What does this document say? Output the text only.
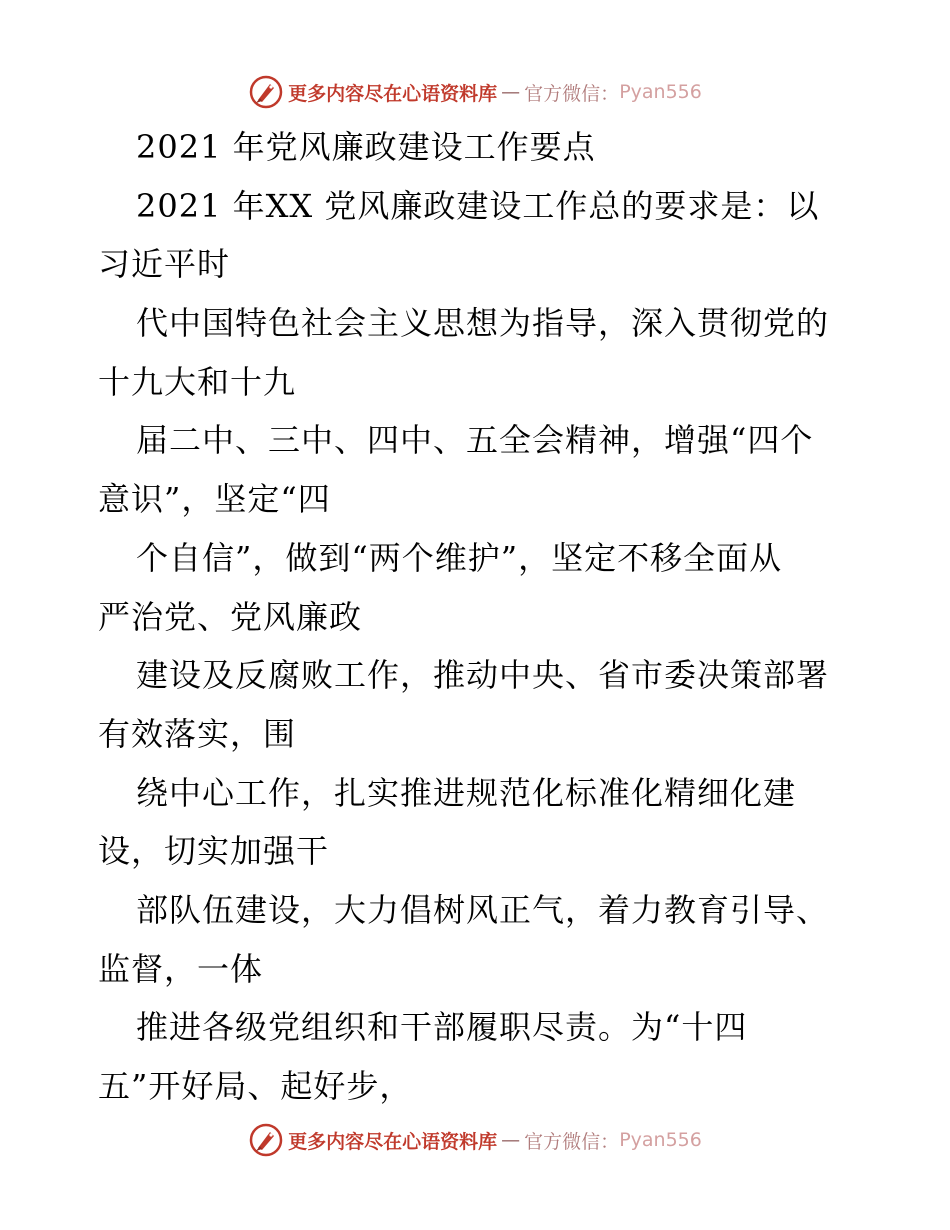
更多内容尽在心语资料库 — 官方微信： Pyan556
2021 年党风廉政建设工作要点
2021 年XX 党风廉政建设工作总的要求是：以
习近平时
代中国特色社会主义思想为指导，深入贯彻党的
十九大和十九
届二中、三中、四中、五全会精神，增强“四个
意识”，坚定“四
个自信”，做到“两个维护”，坚定不移全面从
严治党、党风廉政
建设及反腐败工作，推动中央、省市委决策部署
有效落实，围
绕中心工作，扎实推进规范化标准化精细化建
设，切实加强干
部队伍建设，大力倡树风正气，着力教育引导、
监督，一体
推进各级党组织和干部履职尽责。为“十四
五”开好局、起好步，
更多内容尽在心语资料库 — 官方微信： Pyan556
